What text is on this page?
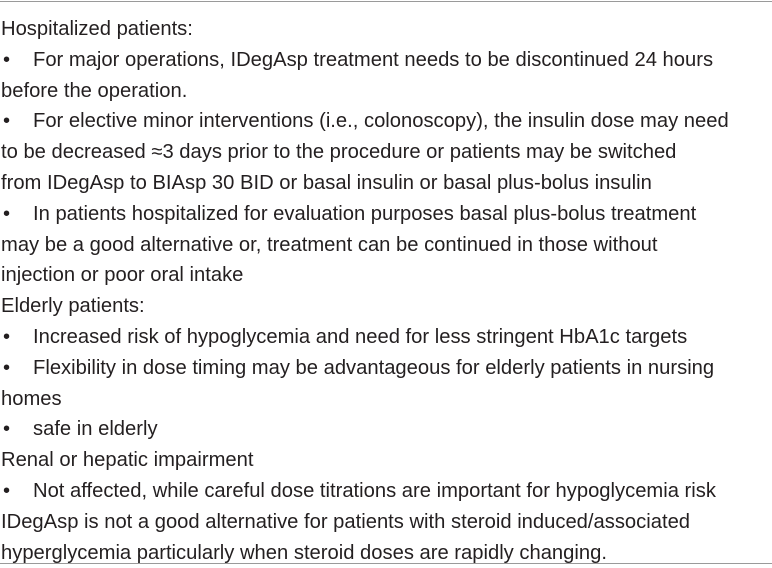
Hospitalized patients:
• For major operations, IDegAsp treatment needs to be discontinued 24 hours
before the operation.
• For elective minor interventions (i.e., colonoscopy), the insulin dose may need
to be decreased ≈3 days prior to the procedure or patients may be switched
from IDegAsp to BIAsp 30 BID or basal insulin or basal plus-bolus insulin
• In patients hospitalized for evaluation purposes basal plus-bolus treatment
may be a good alternative or, treatment can be continued in those without
injection or poor oral intake
Elderly patients:
• Increased risk of hypoglycemia and need for less stringent HbA1c targets
• Flexibility in dose timing may be advantageous for elderly patients in nursing
homes
• safe in elderly
Renal or hepatic impairment
• Not affected, while careful dose titrations are important for hypoglycemia risk
IDegAsp is not a good alternative for patients with steroid induced/associated
hyperglycemia particularly when steroid doses are rapidly changing.
